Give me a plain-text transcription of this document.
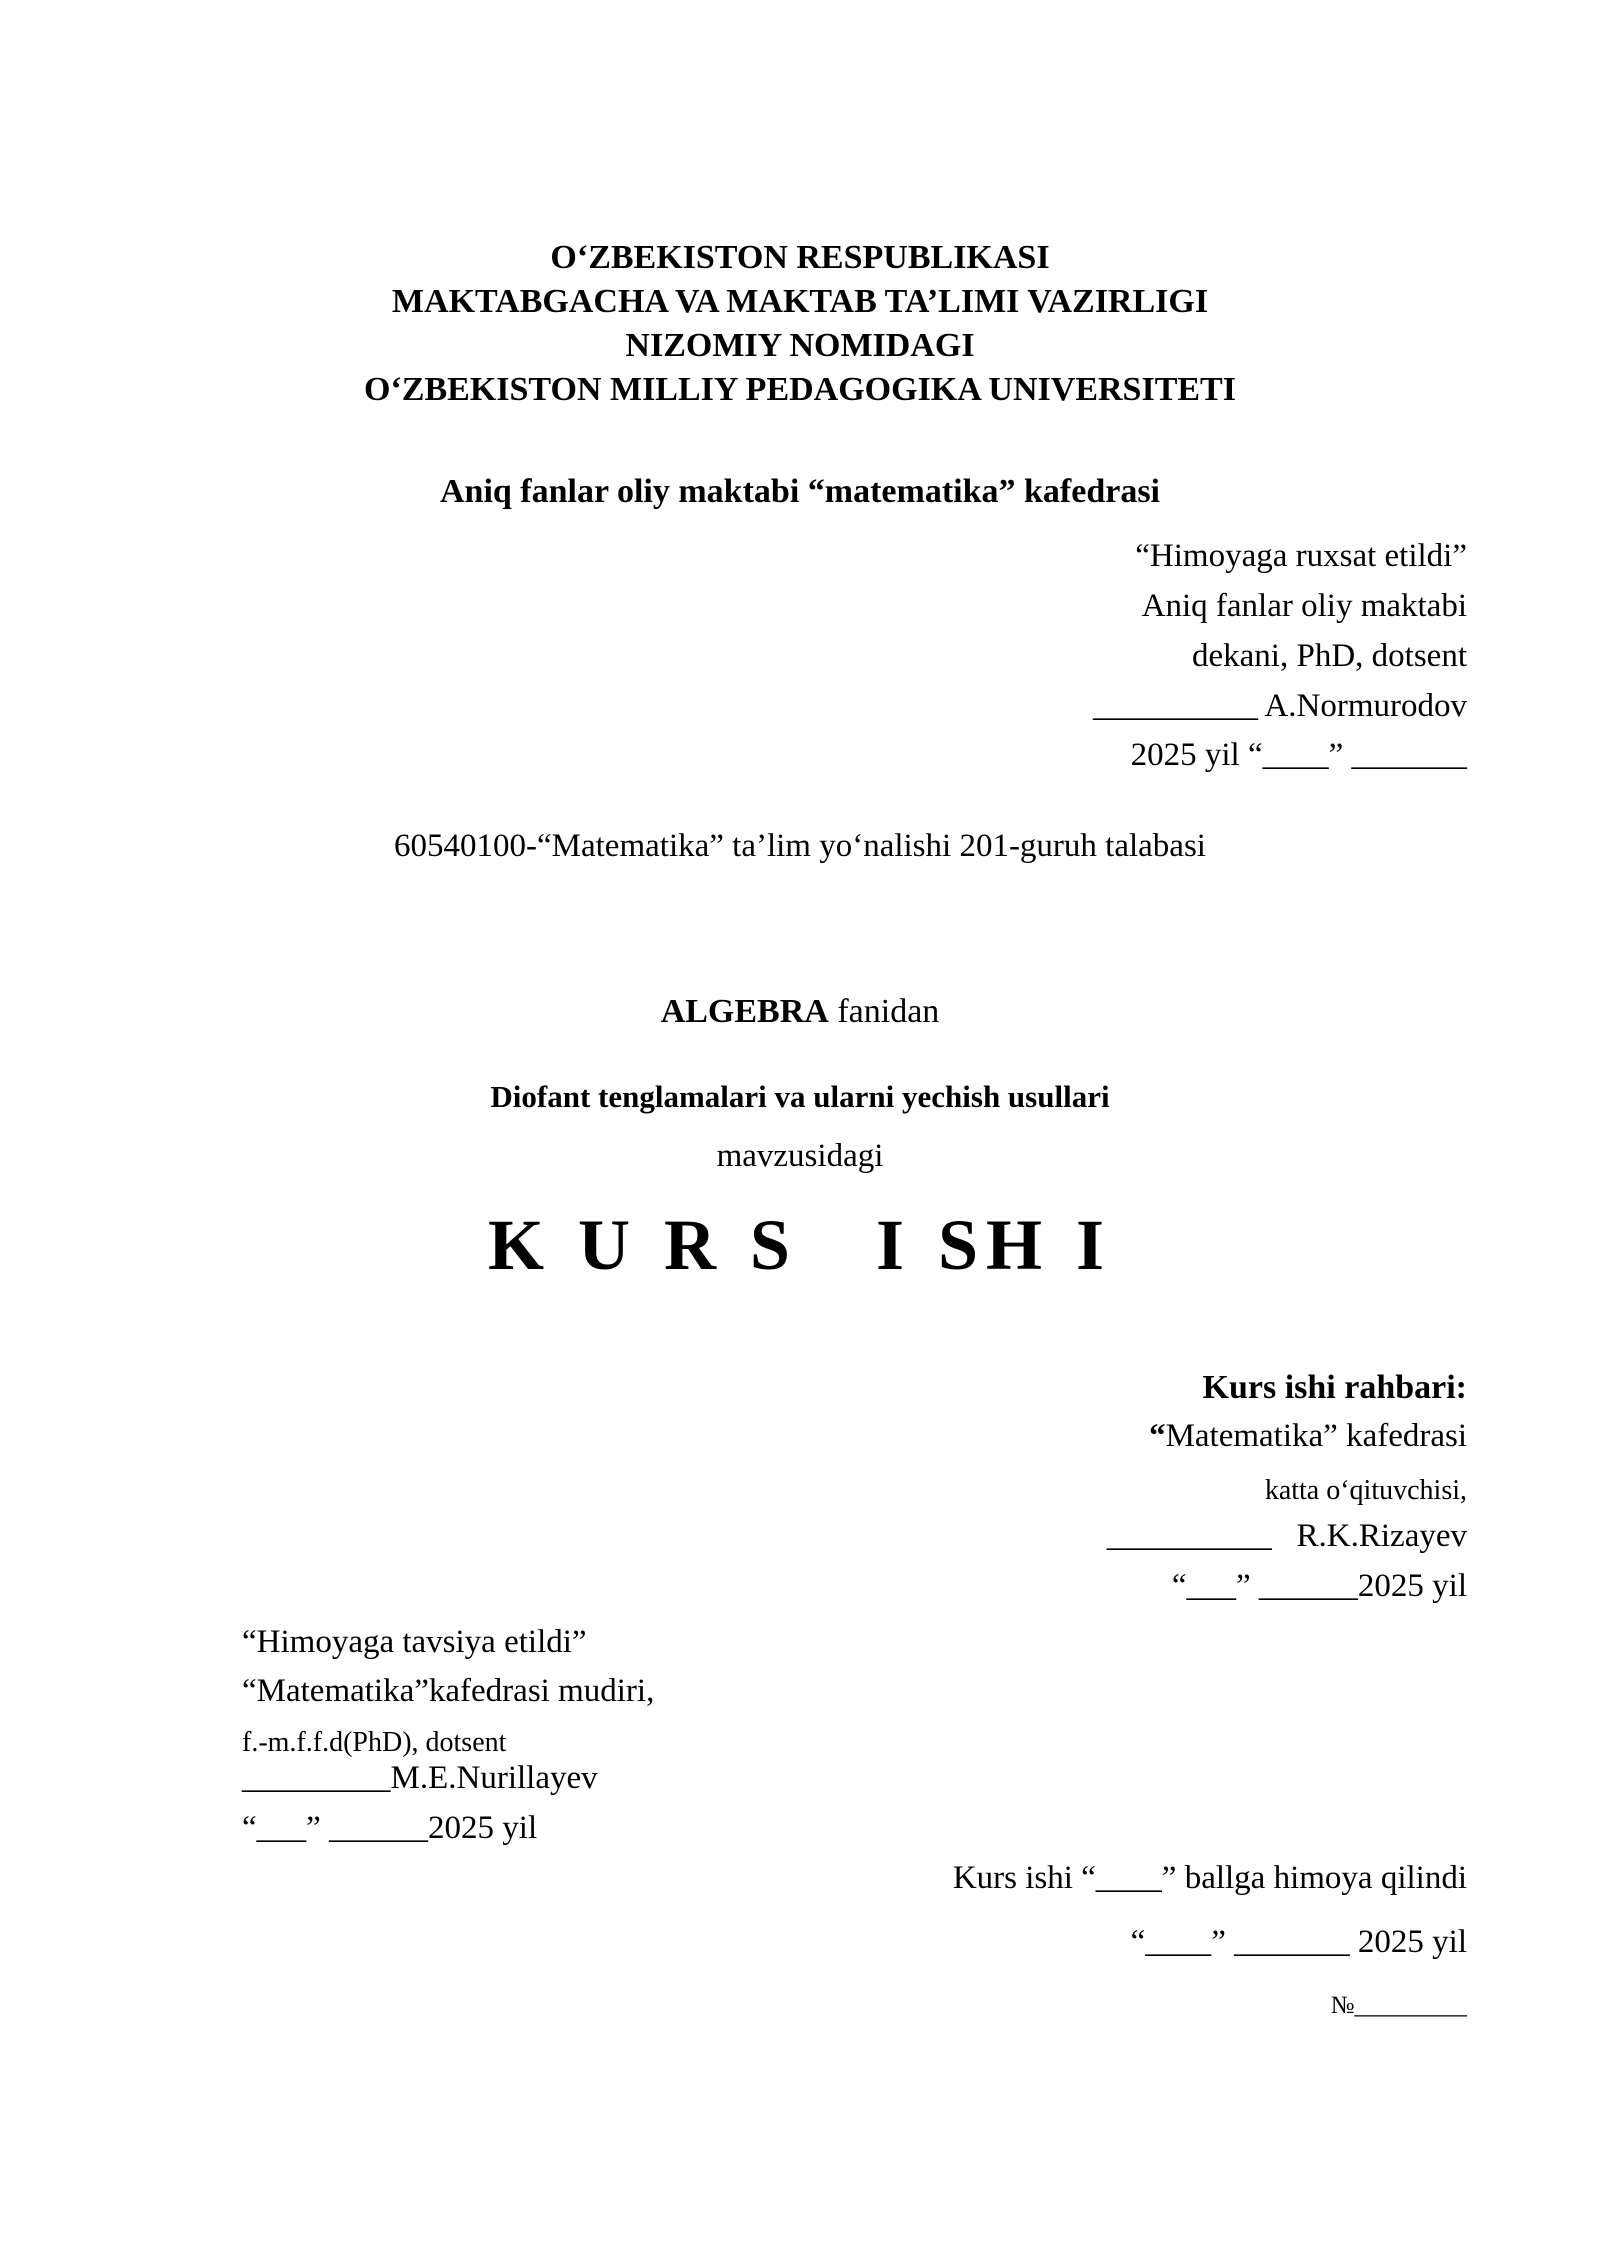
O‘ZBEKISTON RESPUBLIKASI
MAKTABGACHA VA MAKTAB TA’LIMI VAZIRLIGI
NIZOMIY NOMIDAGI
O‘ZBEKISTON MILLIY PEDAGOGIKA UNIVERSITETI
Aniq fanlar oliy maktabi “matematika” kafedrasi
“Himoyaga ruxsat etildi”
Aniq fanlar oliy maktabi
dekani, PhD, dotsent
__________ A.Normurodov
2025 yil “____” _______
60540100-“Matematika” ta’lim yo‘nalishi 201-guruh talabasi
ALGEBRA fanidan
Diofant tenglamalari va ularni yechish usullari
mavzusidagi
K U R S   I SH I
Kurs ishi rahbari:
“Matematika” kafedrasi
katta o‘qituvchisi,
__________   R.K.Rizayev
“___” ______2025 yil
“Himoyaga tavsiya etildi”
“Matematika”kafedrasi mudiri,
f.-m.f.f.d(PhD), dotsent
_________M.E.Nurillayev
“___” ______2025 yil
Kurs ishi “____” ballga himoya qilindi
“____” _______ 2025 yil
№_________
